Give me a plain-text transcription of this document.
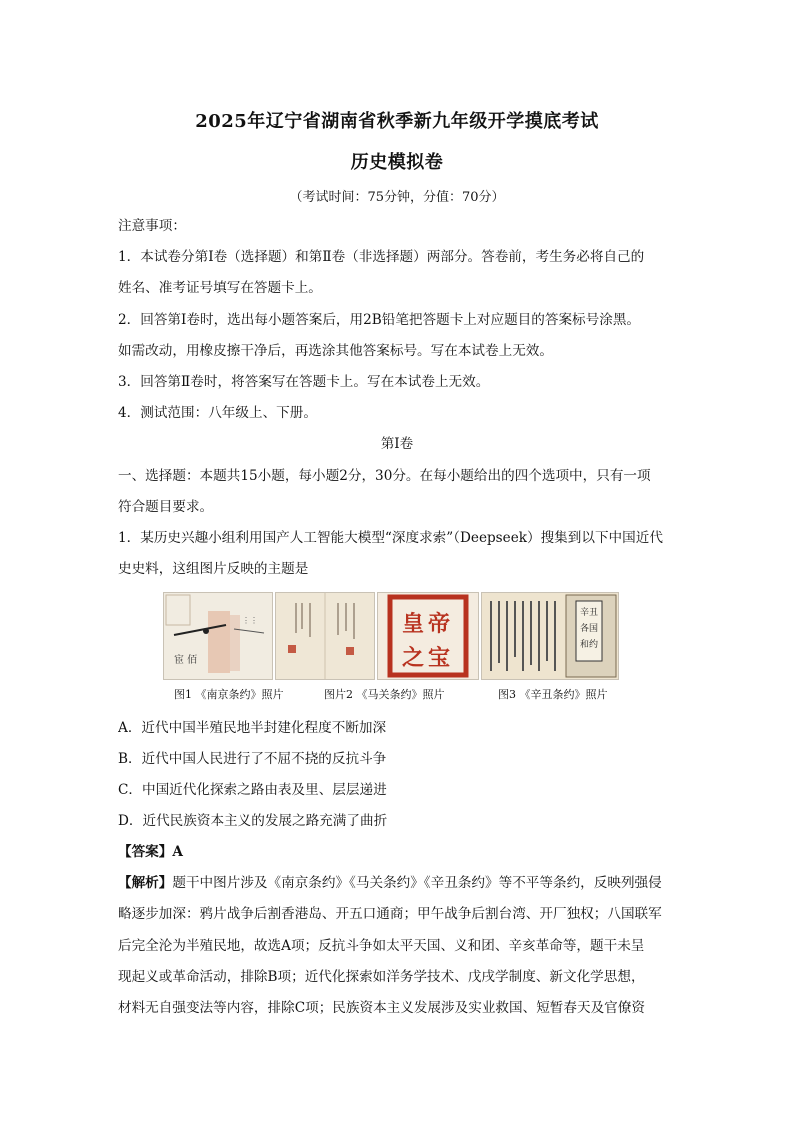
2025年辽宁省湖南省秋季新九年级开学摸底考试
历史模拟卷
（考试时间：75分钟，分值：70分）
注意事项：
1．本试卷分第Ⅰ卷（选择题）和第Ⅱ卷（非选择题）两部分。答卷前，考生务必将自己的
姓名、准考证号填写在答题卡上。
2．回答第Ⅰ卷时，选出每小题答案后，用2B铅笔把答题卡上对应题目的答案标号涂黑。
如需改动，用橡皮擦干净后，再选涂其他答案标号。写在本试卷上无效。
3．回答第Ⅱ卷时，将答案写在答题卡上。写在本试卷上无效。
4．测试范围：八年级上、下册。
第Ⅰ卷
一、选择题：本题共15小题，每小题2分，30分。在每小题给出的四个选项中，只有一项
符合题目要求。
1．某历史兴趣小组利用国产人工智能大模型“深度求索”（Deepseek）搜集到以下中国近代
史史料，这组图片反映的主题是
宦 佰
⋮⋮	皇帝
之宝
辛丑
各国
和约
图1 《南京条约》照片	图片2 《马关条约》照片	图3 《辛丑条约》照片
A．近代中国半殖民地半封建化程度不断加深
B．近代中国人民进行了不屈不挠的反抗斗争
C．中国近代化探索之路由表及里、层层递进
D．近代民族资本主义的发展之路充满了曲折
【答案】A
【解析】题干中图片涉及《南京条约》《马关条约》《辛丑条约》等不平等条约，反映列强侵
略逐步加深：鸦片战争后割香港岛、开五口通商；甲午战争后割台湾、开厂独权；八国联军
后完全沦为半殖民地，故选A项；反抗斗争如太平天国、义和团、辛亥革命等，题干未呈
现起义或革命活动，排除B项；近代化探索如洋务学技术、戊戌学制度、新文化学思想，
材料无自强变法等内容，排除C项；民族资本主义发展涉及实业救国、短暂春天及官僚资
